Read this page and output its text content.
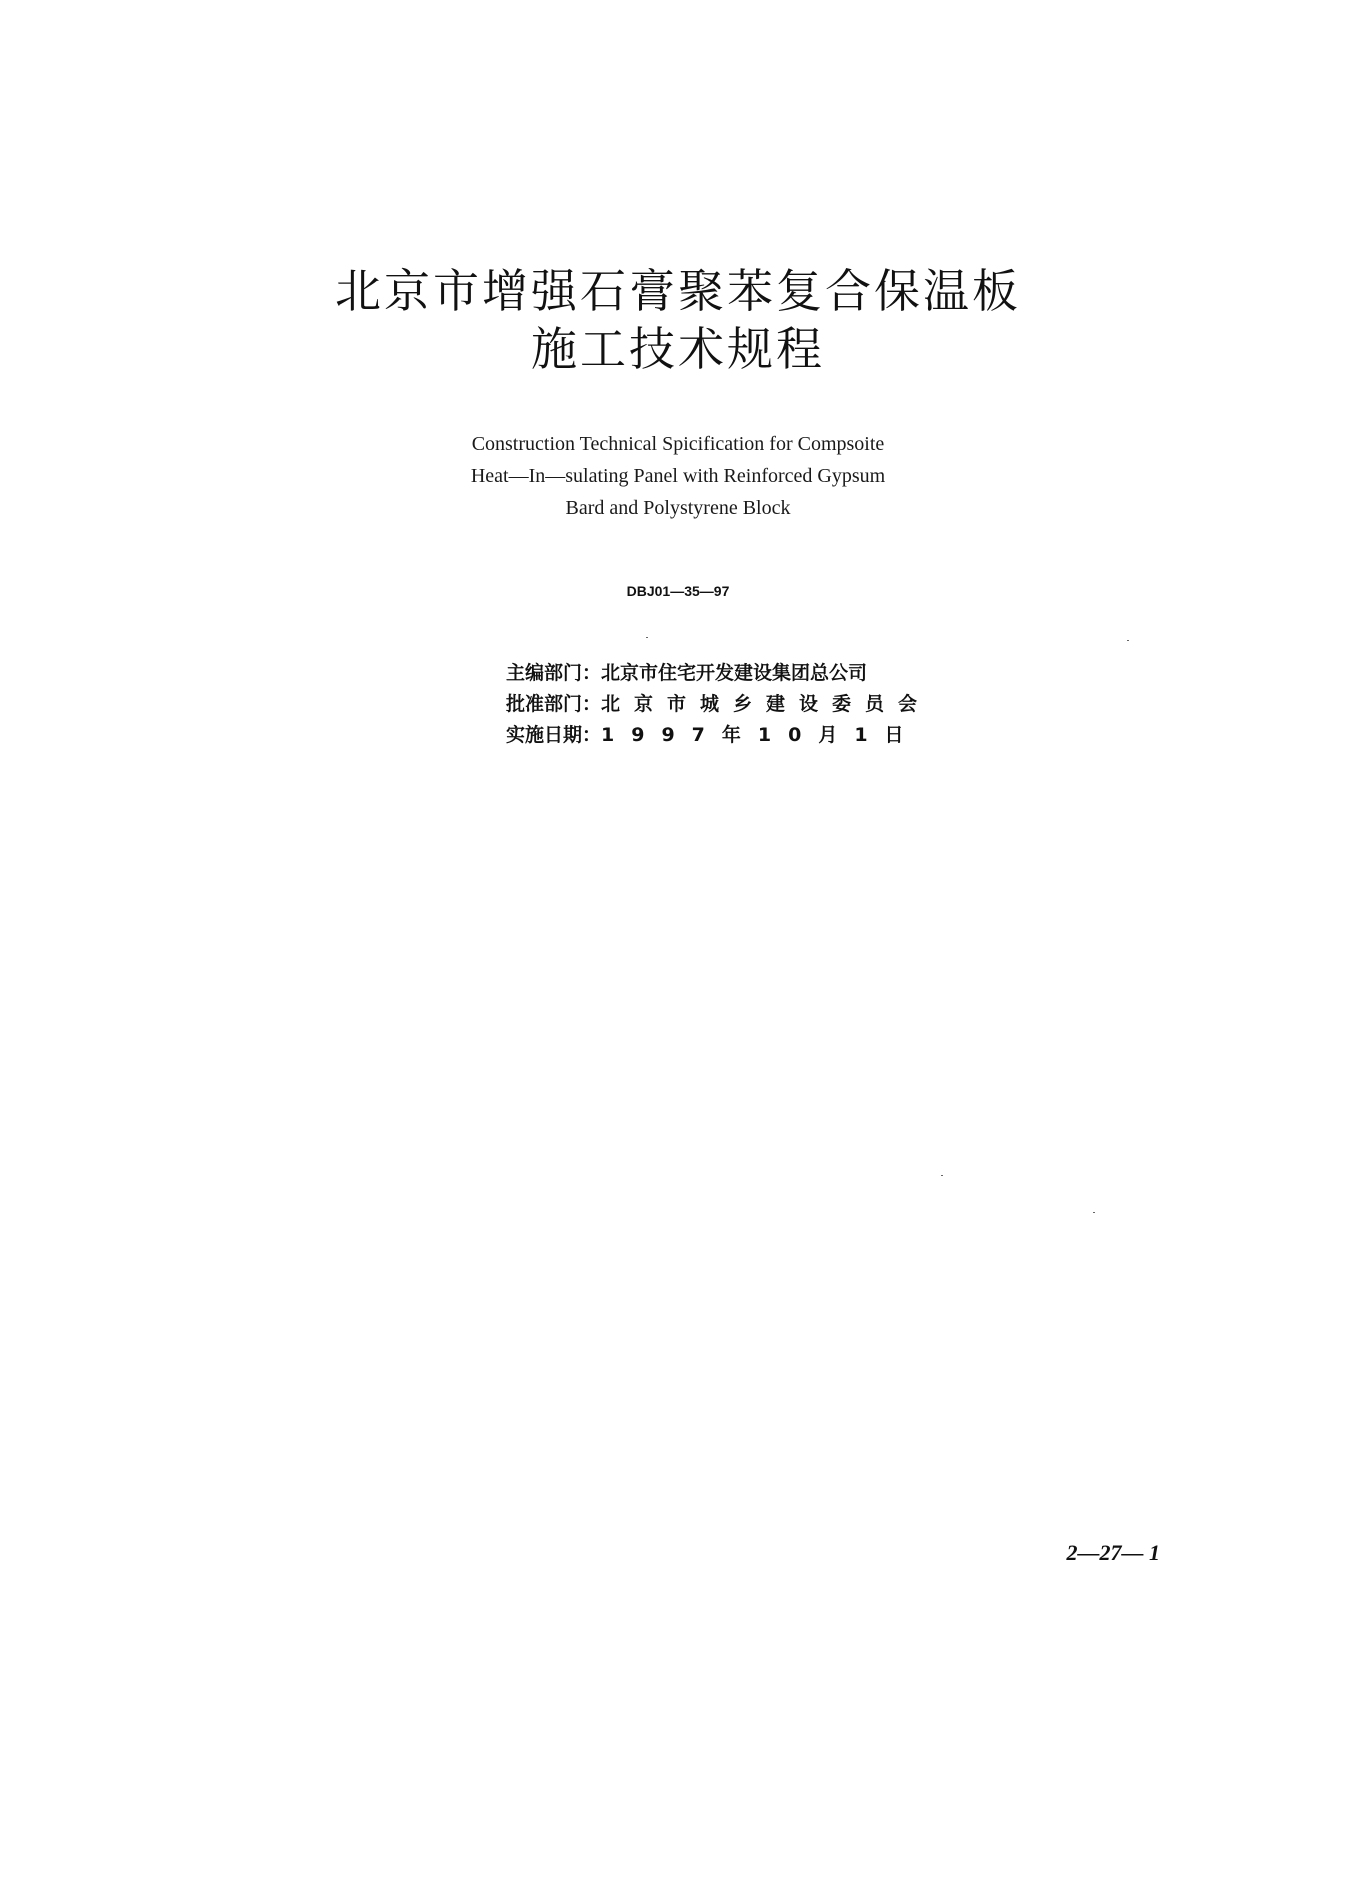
北京市增强石膏聚苯复合保温板
施工技术规程
Construction Technical Spicification for Compsoite
Heat—In—sulating Panel with Reinforced Gypsum
Bard and Polystyrene Block
DBJ01—35—97
主编部门： 北京市住宅开发建设集团总公司
批准部门： 北京市城乡建设委员会
实施日期： 1997年10月1日
2—27— 1
